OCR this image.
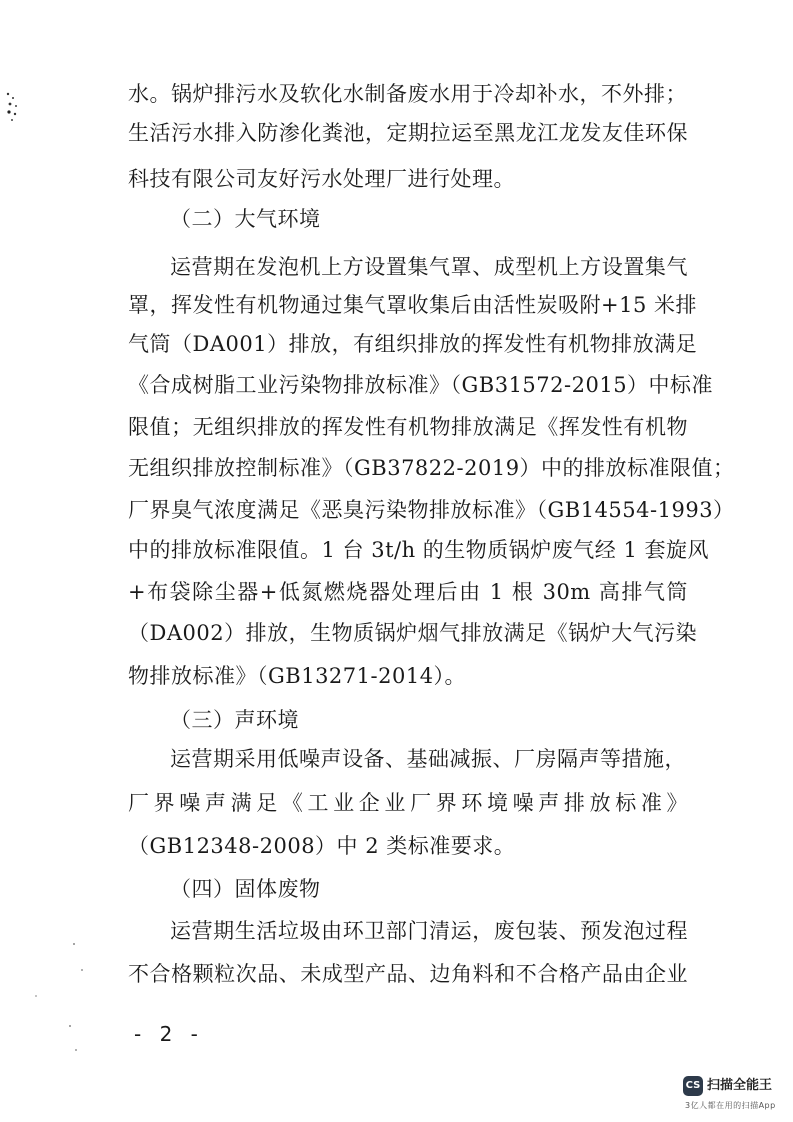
水。锅炉排污水及软化水制备废水用于冷却补水，不外排；
生活污水排入防渗化粪池，定期拉运至黑龙江龙发友佳环保
科技有限公司友好污水处理厂进行处理。
（二）大气环境
运营期在发泡机上方设置集气罩、成型机上方设置集气
罩，挥发性有机物通过集气罩收集后由活性炭吸附+15 米排
气筒（DA001）排放，有组织排放的挥发性有机物排放满足
《合成树脂工业污染物排放标准》（GB31572-2015）中标准
限值；无组织排放的挥发性有机物排放满足《挥发性有机物
无组织排放控制标准》（GB37822-2019）中的排放标准限值；
厂界臭气浓度满足《恶臭污染物排放标准》（GB14554-1993）
中的排放标准限值。1 台 3t/h 的生物质锅炉废气经 1 套旋风
+布袋除尘器+低氮燃烧器处理后由 1 根 30m 高排气筒
（DA002）排放，生物质锅炉烟气排放满足《锅炉大气污染
物排放标准》（GB13271-2014）。
（三）声环境
运营期采用低噪声设备、基础减振、厂房隔声等措施，
厂界噪声满足《工业企业厂界环境噪声排放标准》
（GB12348-2008）中 2 类标准要求。
（四）固体废物
运营期生活垃圾由环卫部门清运，废包装、预发泡过程
不合格颗粒次品、未成型产品、边角料和不合格产品由企业
- 2 -
CS 扫描全能王
3亿人都在用的扫描App
